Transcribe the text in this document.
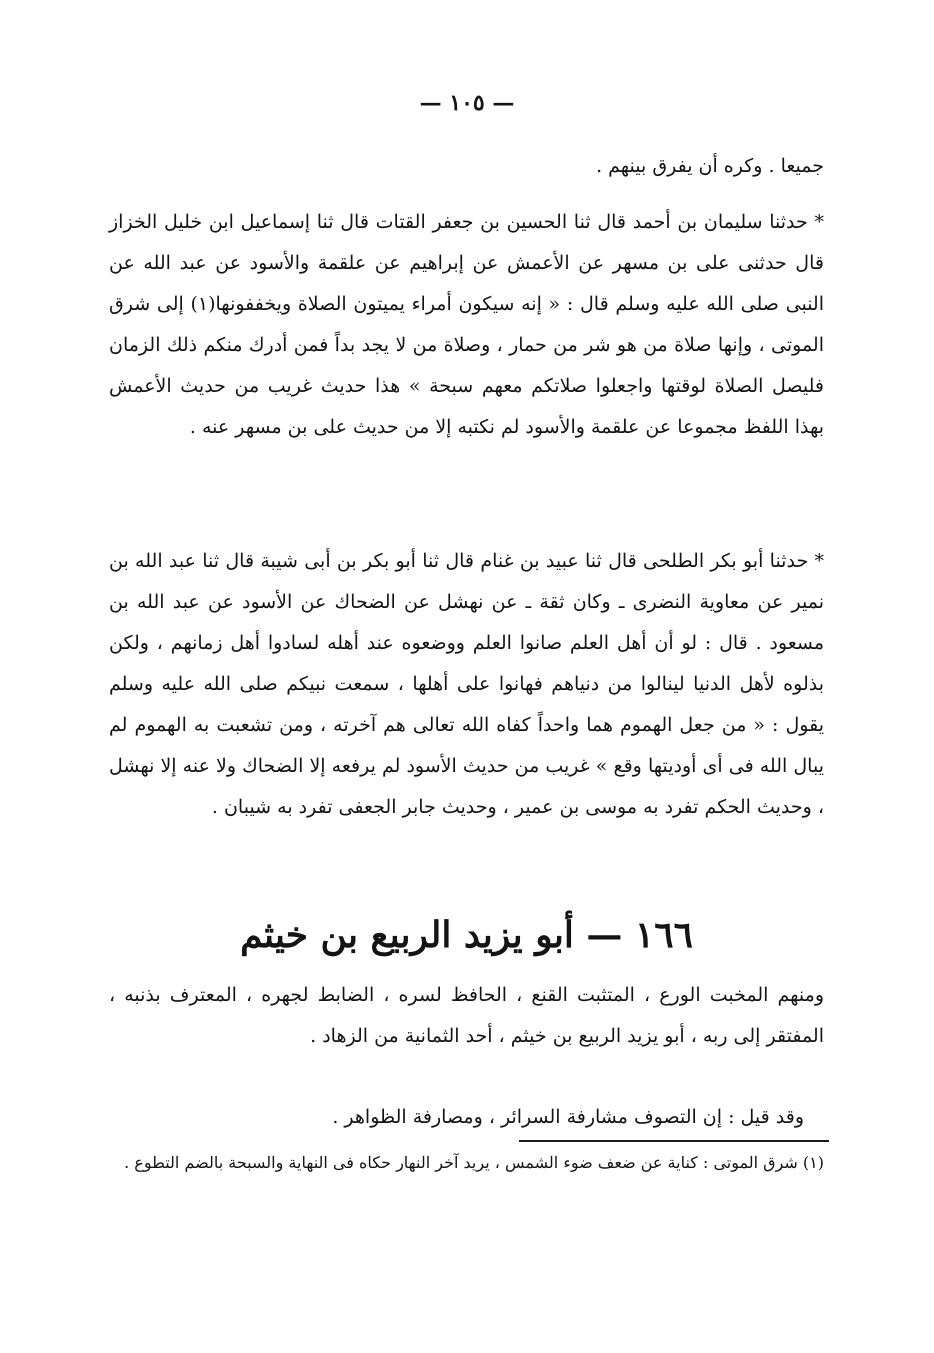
— ١٠٥ —

جميعا . وكره أن يفرق بينهم .

* حدثنا سليمان بن أحمد قال ثنا الحسين بن جعفر القتات قال ثنا إسماعيل ابن خليل الخزاز قال حدثنى على بن مسهر عن الأعمش عن إبراهيم عن علقمة والأسود عن عبد الله عن النبى صلى الله عليه وسلم قال : « إنه سيكون أمراء يميتون الصلاة ويخففونها(١) إلى شرق الموتى ، وإنها صلاة من هو شر من حمار ، وصلاة من لا يجد بداً فمن أدرك منكم ذلك الزمان فليصل الصلاة لوقتها واجعلوا صلاتكم معهم سبحة » هذا حديث غريب من حديث الأعمش بهذا اللفظ مجموعا عن علقمة والأسود لم نكتبه إلا من حديث على بن مسهر عنه .

* حدثنا أبو بكر الطلحى قال ثنا عبيد بن غنام قال ثنا أبو بكر بن أبى شيبة قال ثنا عبد الله بن نمير عن معاوية النضرى ـ وكان ثقة ـ عن نهشل عن الضحاك عن الأسود عن عبد الله بن مسعود . قال : لو أن أهل العلم صانوا العلم ووضعوه عند أهله لسادوا أهل زمانهم ، ولكن بذلوه لأهل الدنيا لينالوا من دنياهم فهانوا على أهلها ، سمعت نبيكم صلى الله عليه وسلم يقول : « من جعل الهموم هما واحداً كفاه الله تعالى هم آخرته ، ومن تشعبت به الهموم لم يبال الله فى أى أوديتها وقع » غريب من حديث الأسود لم يرفعه إلا الضحاك ولا عنه إلا نهشل ، وحديث الحكم تفرد به موسى بن عمير ، وحديث جابر الجعفى تفرد به شيبان .

١٦٦ — أبو يزيد الربيع بن خيثم

ومنهم المخبت الورع ، المتثبت القنع ، الحافظ لسره ، الضابط لجهره ، المعترف بذنبه ، المفتقر إلى ربه ، أبو يزيد الربيع بن خيثم ، أحد الثمانية من الزهاد .

وقد قيل : إن التصوف مشارفة السرائر ، ومصارفة الظواهر .

(١) شرق الموتى : كناية عن ضعف ضوء الشمس ، يريد آخر النهار حكاه فى النهاية والسبحة بالضم التطوع .
